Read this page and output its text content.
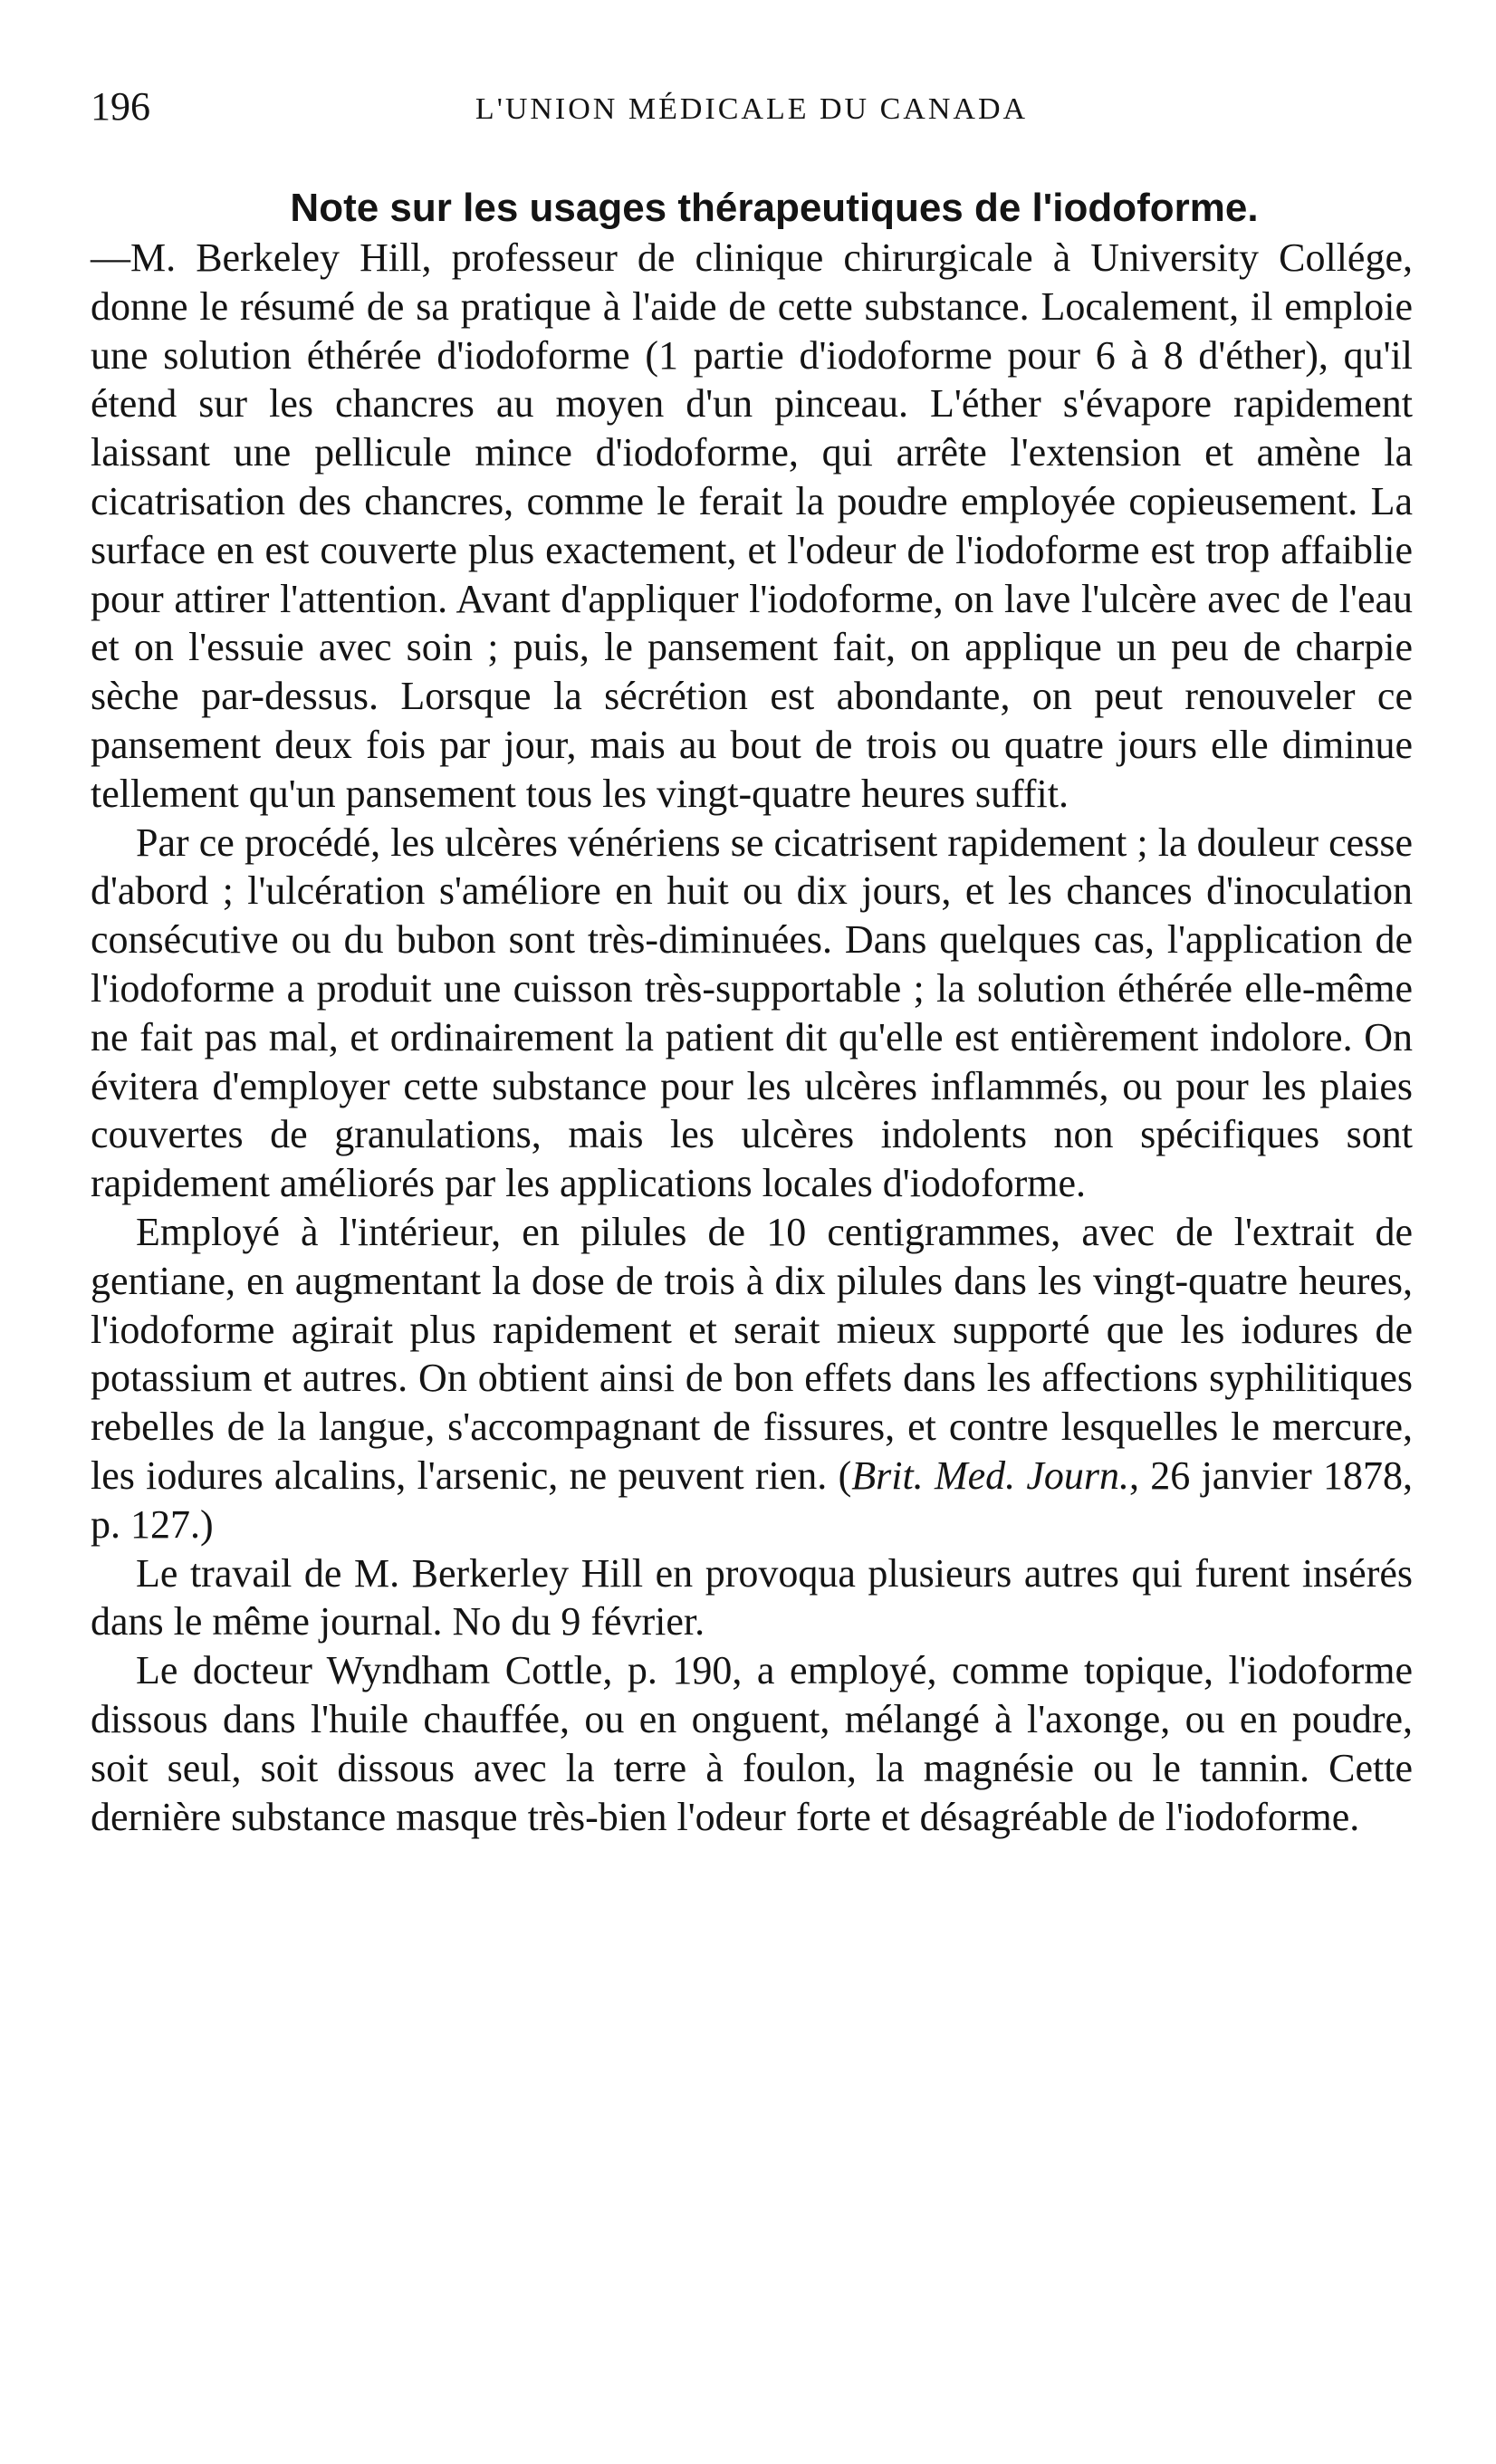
196	L'UNION MÉDICALE DU CANADA
Note sur les usages thérapeutiques de l'iodoforme.

—M. Berkeley Hill, professeur de clinique chirurgicale à University Collége, donne le résumé de sa pratique à l'aide de cette substance. Localement, il emploie une solution éthérée d'iodoforme (1 partie d'iodoforme pour 6 à 8 d'éther), qu'il étend sur les chancres au moyen d'un pinceau. L'éther s'évapore rapidement laissant une pellicule mince d'iodoforme, qui arrête l'extension et amène la cicatrisation des chancres, comme le ferait la poudre employée copieusement. La surface en est couverte plus exactement, et l'odeur de l'iodoforme est trop affaiblie pour attirer l'attention. Avant d'appliquer l'iodoforme, on lave l'ulcère avec de l'eau et on l'essuie avec soin ; puis, le pansement fait, on applique un peu de charpie sèche par-dessus. Lorsque la sécrétion est abondante, on peut renouveler ce pansement deux fois par jour, mais au bout de trois ou quatre jours elle diminue tellement qu'un pansement tous les vingt-quatre heures suffit.

Par ce procédé, les ulcères vénériens se cicatrisent rapidement ; la douleur cesse d'abord ; l'ulcération s'améliore en huit ou dix jours, et les chances d'inoculation consécutive ou du bubon sont très-diminuées. Dans quelques cas, l'application de l'iodoforme a produit une cuisson très-supportable ; la solution éthérée elle-même ne fait pas mal, et ordinairement la patient dit qu'elle est entièrement indolore. On évitera d'employer cette substance pour les ulcères inflammés, ou pour les plaies couvertes de granulations, mais les ulcères indolents non spécifiques sont rapidement améliorés par les applications locales d'iodoforme.

Employé à l'intérieur, en pilules de 10 centigrammes, avec de l'extrait de gentiane, en augmentant la dose de trois à dix pilules dans les vingt-quatre heures, l'iodoforme agirait plus rapidement et serait mieux supporté que les iodures de potassium et autres. On obtient ainsi de bon effets dans les affections syphilitiques rebelles de la langue, s'accompagnant de fissures, et contre lesquelles le mercure, les iodures alcalins, l'arsenic, ne peuvent rien. (Brit. Med. Journ., 26 janvier 1878, p. 127.)

Le travail de M. Berkerley Hill en provoqua plusieurs autres qui furent insérés dans le même journal. No du 9 février.

Le docteur Wyndham Cottle, p. 190, a employé, comme topique, l'iodoforme dissous dans l'huile chauffée, ou en onguent, mélangé à l'axonge, ou en poudre, soit seul, soit dissous avec la terre à foulon, la magnésie ou le tannin. Cette dernière substance masque très-bien l'odeur forte et désagréable de l'iodoforme.
